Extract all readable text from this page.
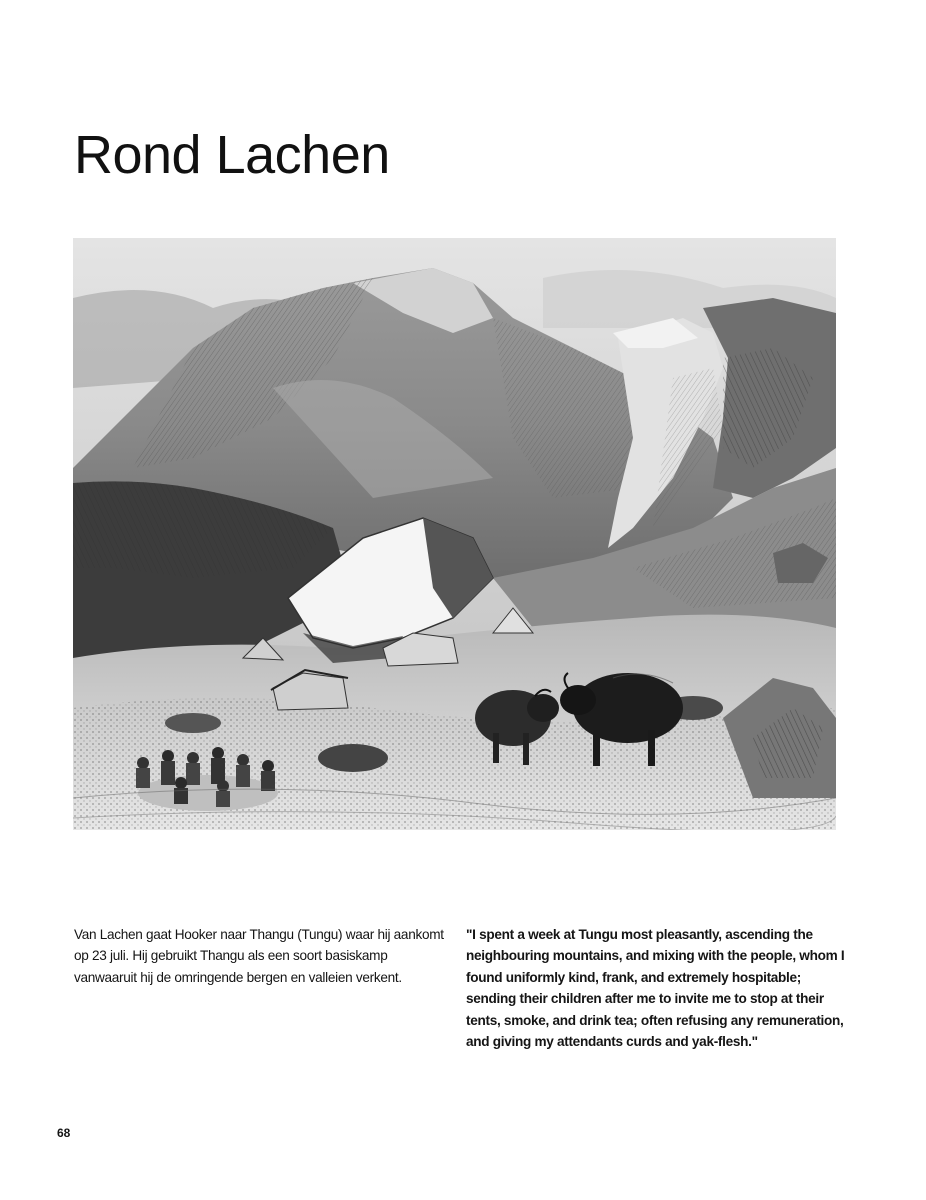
Rond Lachen

Van Lachen gaat Hooker naar Thangu (Tungu) waar hij aankomt op 23 juli. Hij gebruikt Thangu als een soort basiskamp vanwaaruit hij de omringende bergen en valleien verkent.

"I spent a week at Tungu most pleasantly, ascending the neighbouring mountains, and mixing with the people, whom I found uniformly kind, frank, and extremely hospitable; sending their children after me to invite me to stop at their tents, smoke, and drink tea; often refusing any remuneration, and giving my attendants curds and yak-flesh."

68
